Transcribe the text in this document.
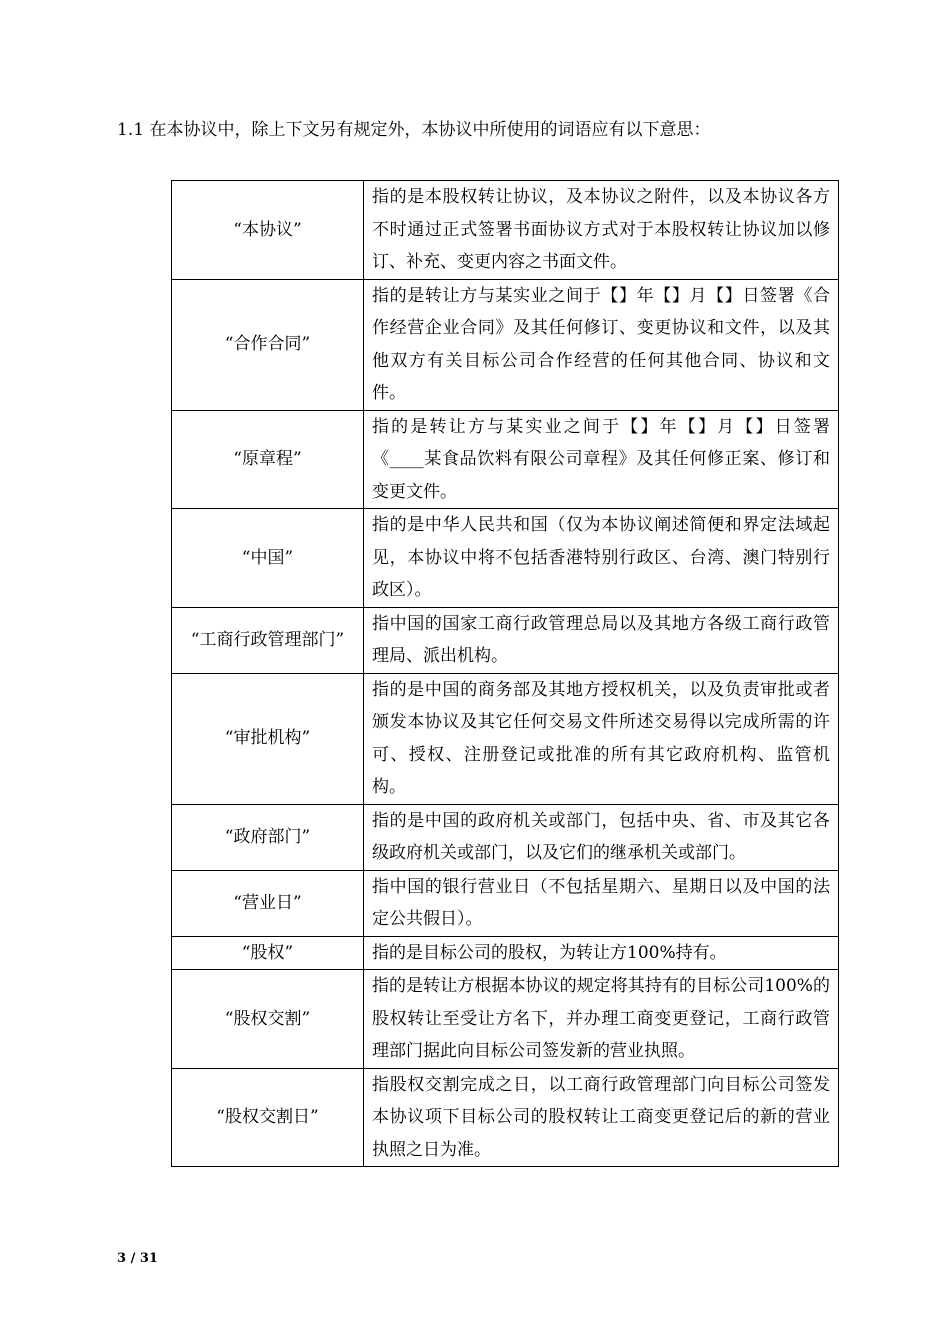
1.1 在本协议中，除上下文另有规定外，本协议中所使用的词语应有以下意思：
“本协议”	指的是本股权转让协议，及本协议之附件，以及本协议各方不时通过正式签署书面协议方式对于本股权转让协议加以修订、补充、变更内容之书面文件。
“合作合同”	指的是转让方与某实业之间于【】年【】月【】日签署《合作经营企业合同》及其任何修订、变更协议和文件，以及其他双方有关目标公司合作经营的任何其他合同、协议和文件。
“原章程”	指的是转让方与某实业之间于【】年【】月【】日签署《____某食品饮料有限公司章程》及其任何修正案、修订和变更文件。
“中国”	指的是中华人民共和国（仅为本协议阐述简便和界定法域起见，本协议中将不包括香港特别行政区、台湾、澳门特别行政区）。
“工商行政管理部门”	指中国的国家工商行政管理总局以及其地方各级工商行政管理局、派出机构。
“审批机构”	指的是中国的商务部及其地方授权机关，以及负责审批或者颁发本协议及其它任何交易文件所述交易得以完成所需的许可、授权、注册登记或批准的所有其它政府机构、监管机构。
“政府部门”	指的是中国的政府机关或部门，包括中央、省、市及其它各级政府机关或部门，以及它们的继承机关或部门。
“营业日”	指中国的银行营业日（不包括星期六、星期日以及中国的法定公共假日）。
“股权”	指的是目标公司的股权，为转让方100%持有。
“股权交割”	指的是转让方根据本协议的规定将其持有的目标公司100%的股权转让至受让方名下，并办理工商变更登记，工商行政管理部门据此向目标公司签发新的营业执照。
“股权交割日”	指股权交割完成之日，以工商行政管理部门向目标公司签发本协议项下目标公司的股权转让工商变更登记后的新的营业执照之日为准。
3 / 31
